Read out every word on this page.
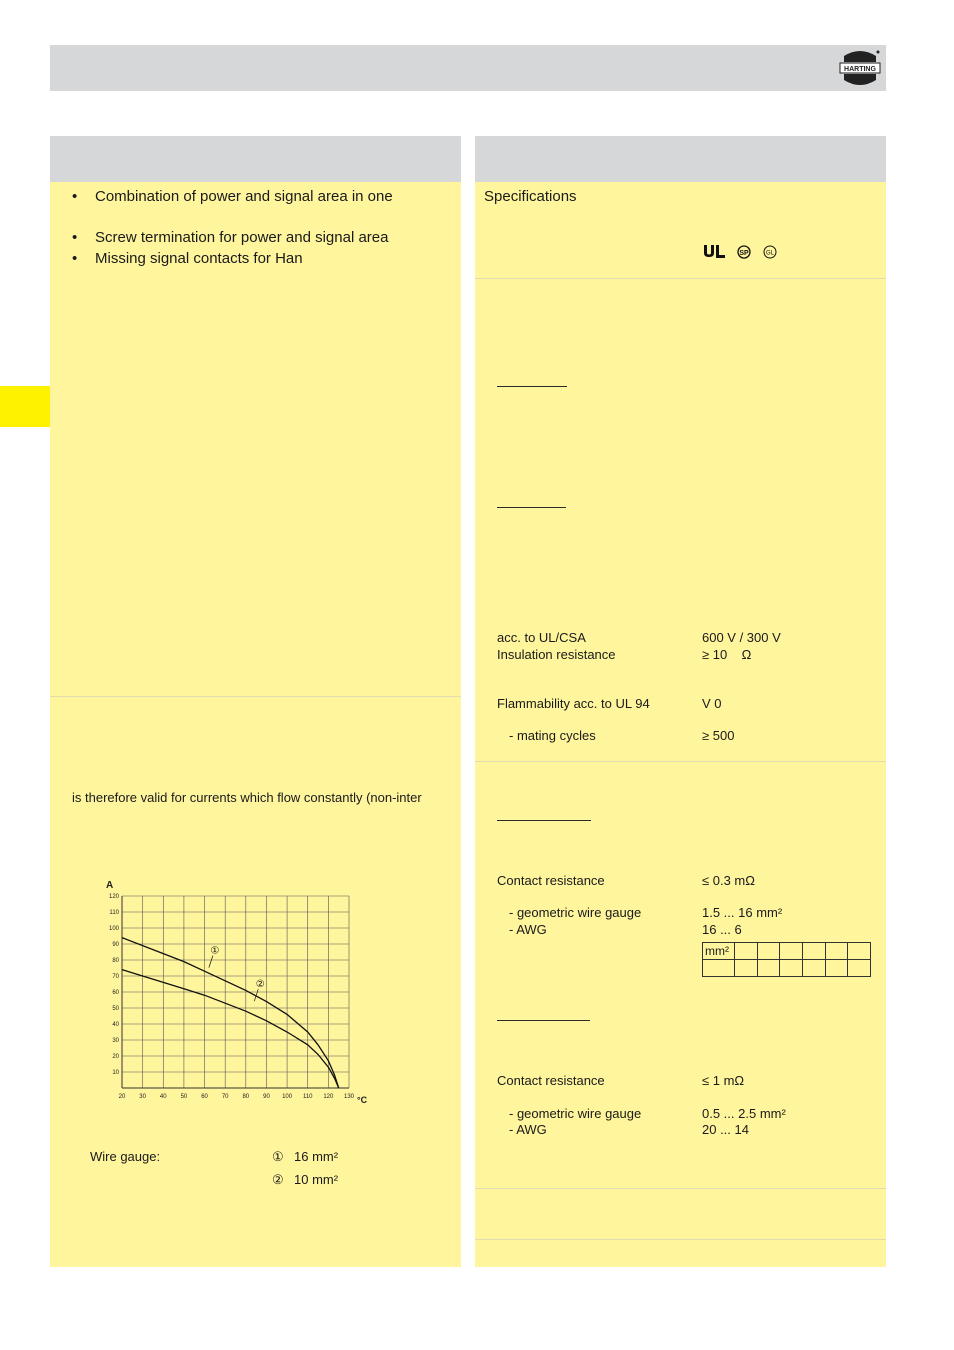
HARTING
• Combination of power and signal area in one
• Screw termination for power and signal area
• Missing signal contacts for Han
is therefore valid for currents which flow constantly (non-inter
20 30 40 50 60 70 80 90 100 110 120 130
10
20
30
40
50
60
70
80
90
100
110
120
A
°C
①
②
Wire gauge:	① 16 mm²
② 10 mm²
Specifications
SP	GL
acc. to UL/CSA	600 V / 300 V
Insulation resistance	≥ 10    Ω
Flammability acc. to UL 94	V 0
- mating cycles	≥ 500
Contact resistance	≤ 0.3 mΩ
- geometric wire gauge	1.5 ... 16 mm²
- AWG	16 ... 6
mm²						

Contact resistance	≤ 1 mΩ
- geometric wire gauge	0.5 ... 2.5 mm²
- AWG	20 ... 14
